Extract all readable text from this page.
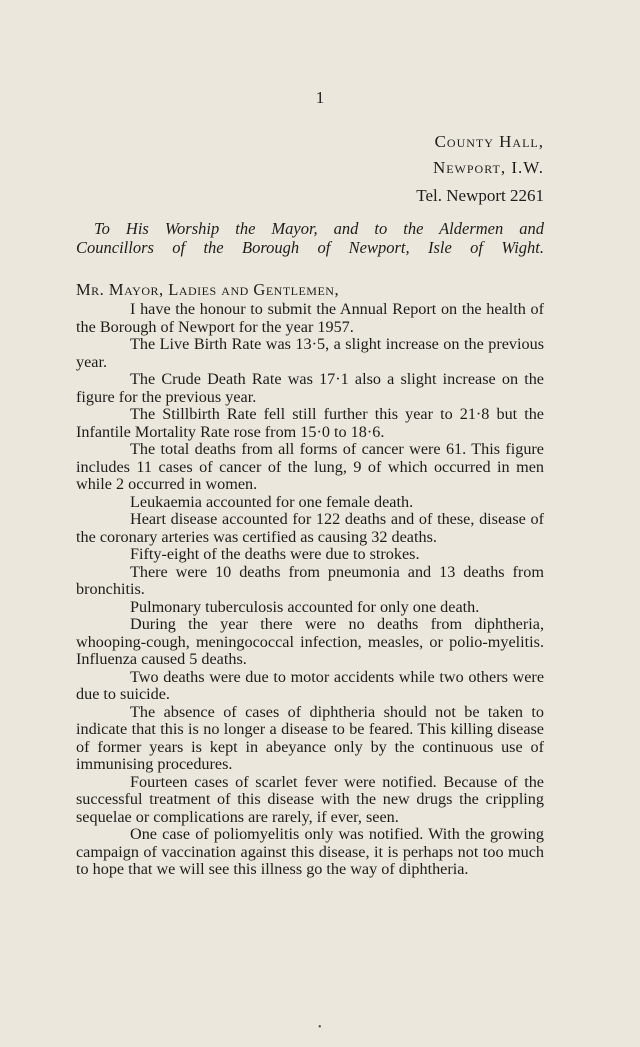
1
County Hall,
Newport, I.W.
Tel. Newport 2261
To His Worship the Mayor, and to the Aldermen and
Councillors of the Borough of Newport, Isle of Wight.
Mr. Mayor, Ladies and Gentlemen,

I have the honour to submit the Annual Report on the health of the Borough of Newport for the year 1957.

The Live Birth Rate was 13·5, a slight increase on the previous year.

The Crude Death Rate was 17·1 also a slight increase on the figure for the previous year.

The Stillbirth Rate fell still further this year to 21·8 but the Infantile Mortality Rate rose from 15·0 to 18·6.

The total deaths from all forms of cancer were 61. This figure includes 11 cases of cancer of the lung, 9 of which occurred in men while 2 occurred in women.

Leukaemia accounted for one female death.

Heart disease accounted for 122 deaths and of these, disease of the coronary arteries was certified as causing 32 deaths.

Fifty-eight of the deaths were due to strokes.

There were 10 deaths from pneumonia and 13 deaths from bronchitis.

Pulmonary tuberculosis accounted for only one death.

During the year there were no deaths from diphtheria, whooping-cough, meningococcal infection, measles, or polio-myelitis. Influenza caused 5 deaths.

Two deaths were due to motor accidents while two others were due to suicide.

The absence of cases of diphtheria should not be taken to indicate that this is no longer a disease to be feared. This killing disease of former years is kept in abeyance only by the continuous use of immunising procedures.

Fourteen cases of scarlet fever were notified. Because of the successful treatment of this disease with the new drugs the crippling sequelae or complications are rarely, if ever, seen.

One case of poliomyelitis only was notified. With the growing campaign of vaccination against this disease, it is perhaps not too much to hope that we will see this illness go the way of diphtheria.

•
